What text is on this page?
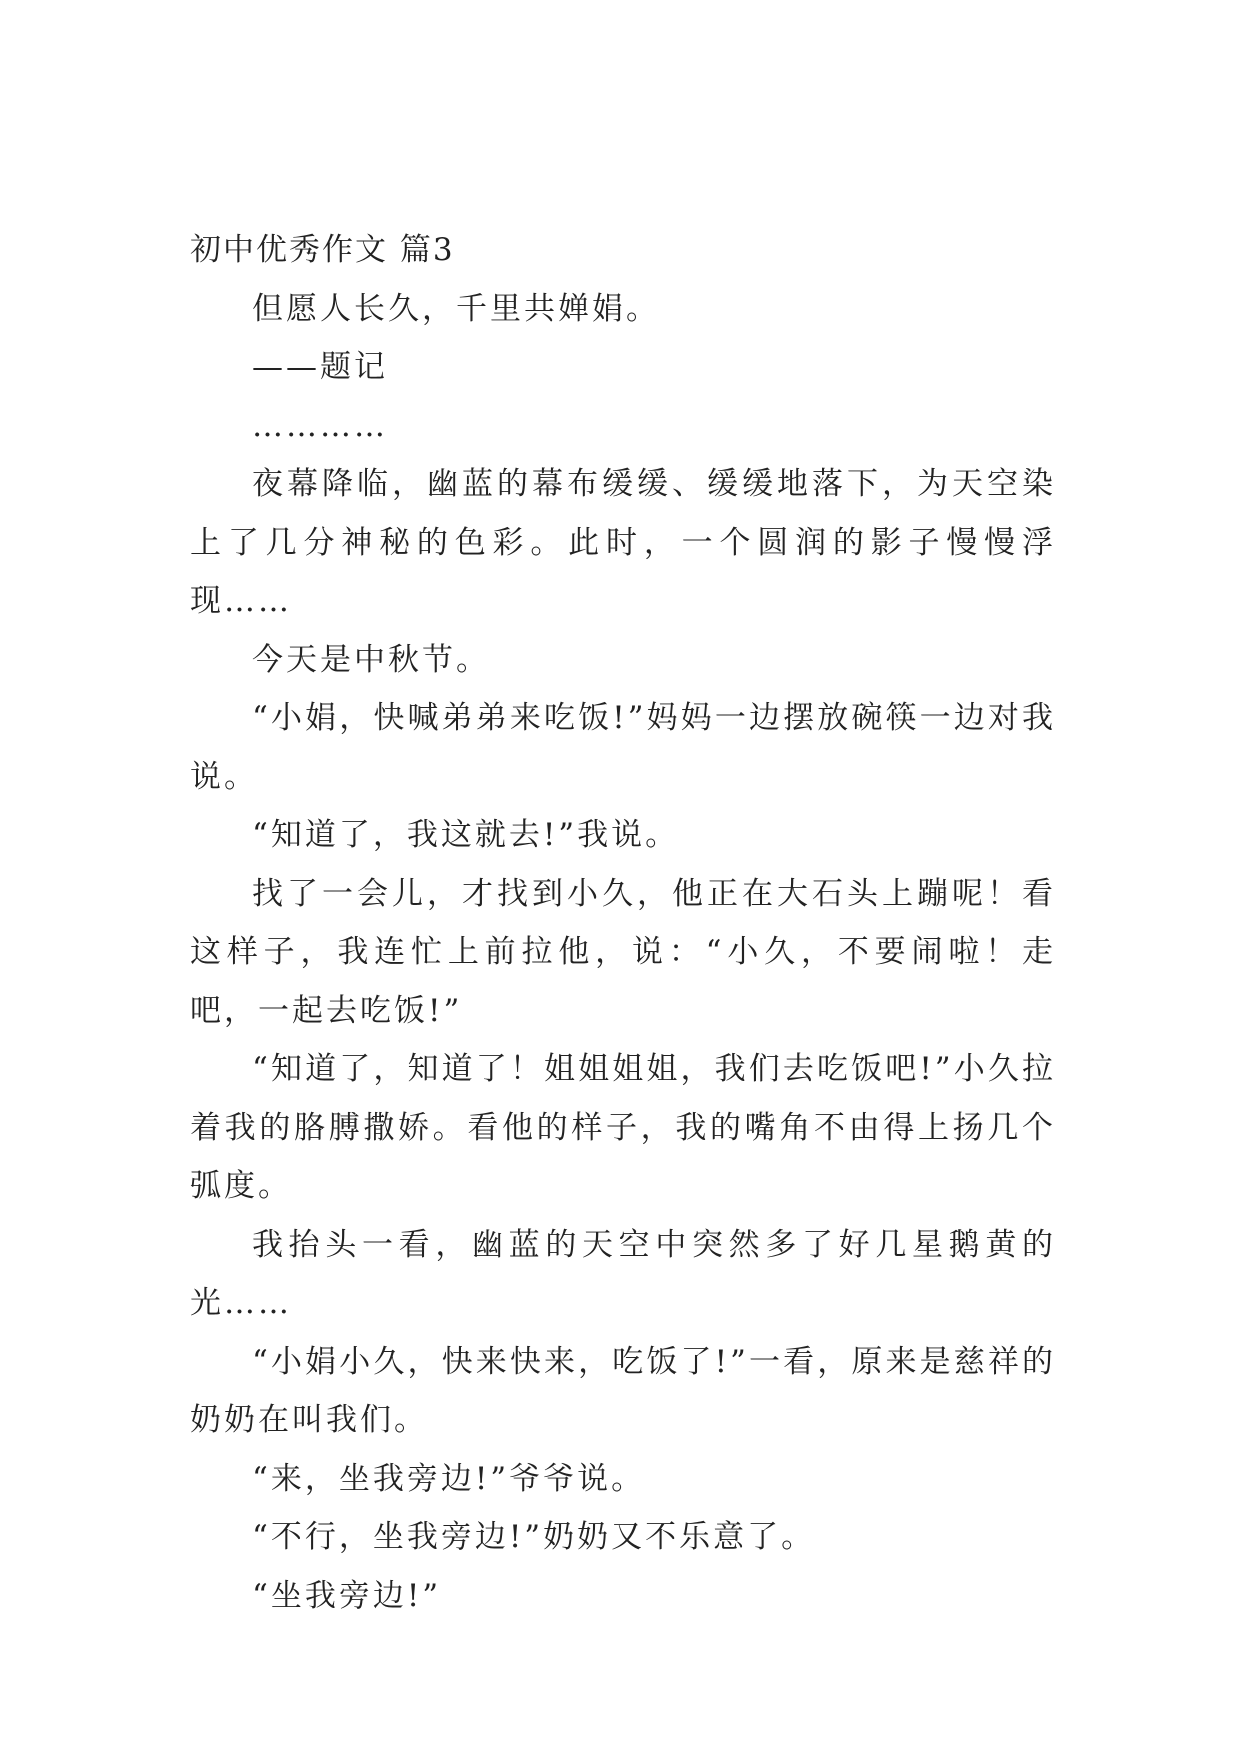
初中优秀作文 篇3

但愿人长久，千里共婵娟。

——题记

…………

夜幕降临，幽蓝的幕布缓缓、缓缓地落下，为天空染上了几分神秘的色彩。此时，一个圆润的影子慢慢浮现……

今天是中秋节。

“小娟，快喊弟弟来吃饭!”妈妈一边摆放碗筷一边对我说。

“知道了，我这就去!”我说。

找了一会儿，才找到小久，他正在大石头上蹦呢！看这样子，我连忙上前拉他，说：“小久，不要闹啦！走吧，一起去吃饭!”

“知道了，知道了！姐姐姐姐，我们去吃饭吧!”小久拉着我的胳膊撒娇。看他的样子，我的嘴角不由得上扬几个弧度。

我抬头一看，幽蓝的天空中突然多了好几星鹅黄的光……

“小娟小久，快来快来，吃饭了!”一看，原来是慈祥的奶奶在叫我们。

“来，坐我旁边!”爷爷说。

“不行，坐我旁边!”奶奶又不乐意了。

“坐我旁边!”
